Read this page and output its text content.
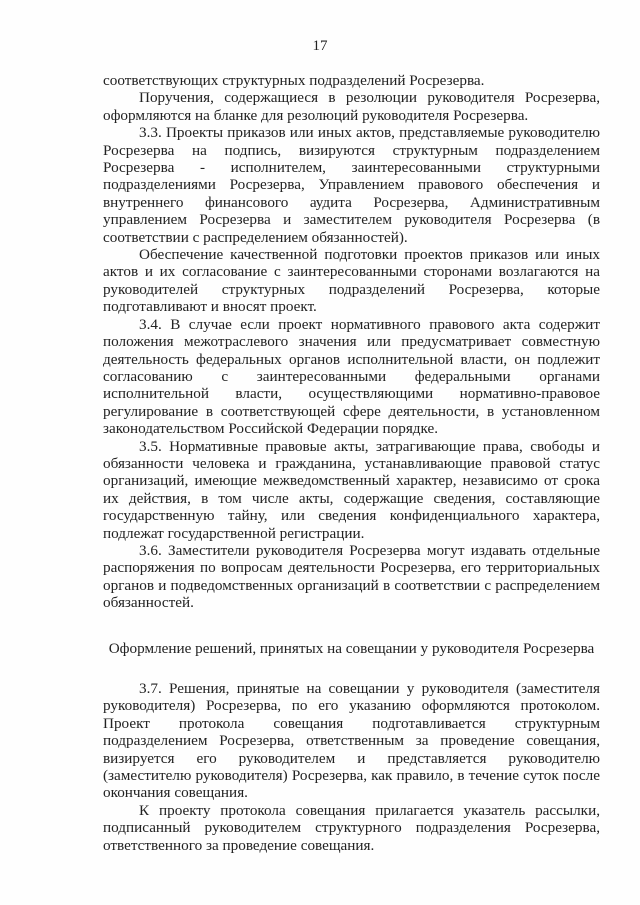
17

соответствующих структурных подразделений Росрезерва.

Поручения, содержащиеся в резолюции руководителя Росрезерва, оформляются на бланке для резолюций руководителя Росрезерва.

3.3. Проекты приказов или иных актов, представляемые руководителю Росрезерва на подпись, визируются структурным подразделением Росрезерва - исполнителем, заинтересованными структурными подразделениями Росрезерва, Управлением правового обеспечения и внутреннего финансового аудита Росрезерва, Административным управлением Росрезерва и заместителем руководителя Росрезерва (в соответствии с распределением обязанностей).

Обеспечение качественной подготовки проектов приказов или иных актов и их согласование с заинтересованными сторонами возлагаются на руководителей структурных подразделений Росрезерва, которые подготавливают и вносят проект.

3.4. В случае если проект нормативного правового акта содержит положения межотраслевого значения или предусматривает совместную деятельность федеральных органов исполнительной власти, он подлежит согласованию с заинтересованными федеральными органами исполнительной власти, осуществляющими нормативно-правовое регулирование в соответствующей сфере деятельности, в установленном законодательством Российской Федерации порядке.

3.5. Нормативные правовые акты, затрагивающие права, свободы и обязанности человека и гражданина, устанавливающие правовой статус организаций, имеющие межведомственный характер, независимо от срока их действия, в том числе акты, содержащие сведения, составляющие государственную тайну, или сведения конфиденциального характера, подлежат государственной регистрации.

3.6. Заместители руководителя Росрезерва могут издавать отдельные распоряжения по вопросам деятельности Росрезерва, его территориальных органов и подведомственных организаций в соответствии с распределением обязанностей.

Оформление решений, принятых на совещании у руководителя Росрезерва

3.7. Решения, принятые на совещании у руководителя (заместителя руководителя) Росрезерва, по его указанию оформляются протоколом. Проект протокола совещания подготавливается структурным подразделением Росрезерва, ответственным за проведение совещания, визируется его руководителем и представляется руководителю (заместителю руководителя) Росрезерва, как правило, в течение суток после окончания совещания.

К проекту протокола совещания прилагается указатель рассылки, подписанный руководителем структурного подразделения Росрезерва, ответственного за проведение совещания.
